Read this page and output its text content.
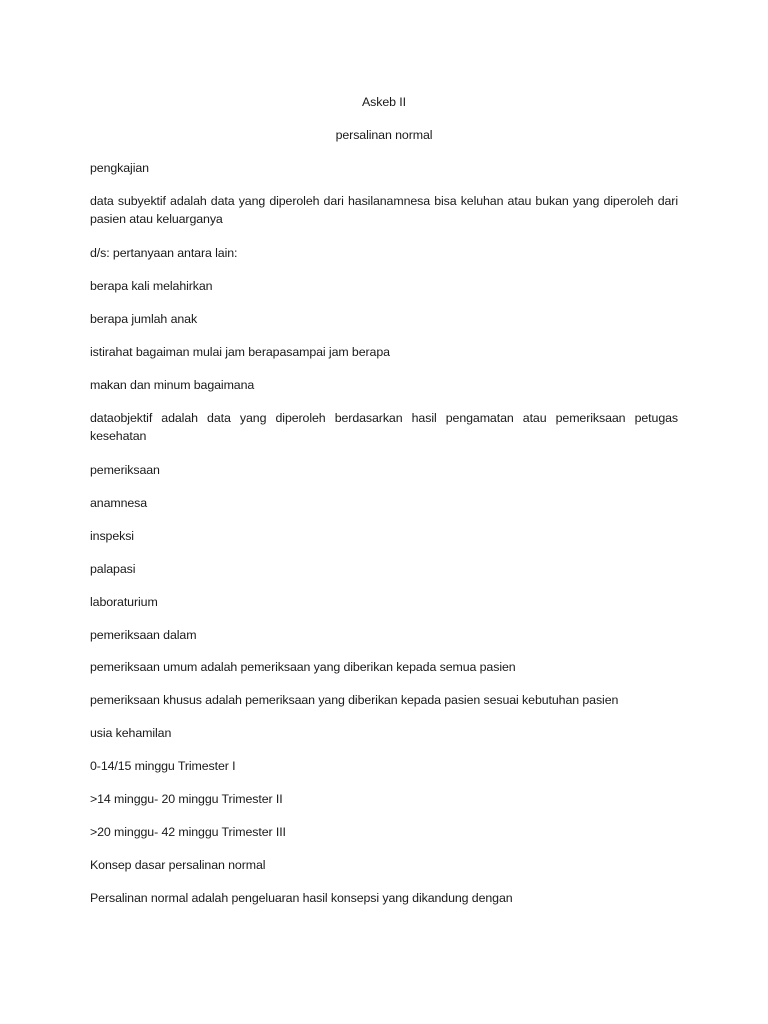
Askeb II
persalinan normal
pengkajian
data subyektif adalah data yang diperoleh dari hasilanamnesa bisa keluhan atau bukan yang diperoleh dari pasien atau keluarganya
d/s: pertanyaan antara lain:
berapa kali melahirkan
berapa jumlah anak
istirahat bagaiman mulai jam berapasampai jam berapa
makan dan minum bagaimana
dataobjektif adalah data yang diperoleh berdasarkan hasil pengamatan atau pemeriksaan petugas kesehatan
pemeriksaan
anamnesa
inspeksi
palapasi
laboraturium
pemeriksaan dalam
pemeriksaan umum adalah pemeriksaan yang diberikan kepada semua pasien
pemeriksaan khusus adalah pemeriksaan yang diberikan kepada pasien sesuai kebutuhan pasien
usia kehamilan
0-14/15 minggu Trimester I
>14 minggu- 20 minggu Trimester II
>20 minggu- 42 minggu Trimester III
Konsep dasar persalinan normal
Persalinan normal adalah pengeluaran hasil konsepsi yang dikandung dengan
